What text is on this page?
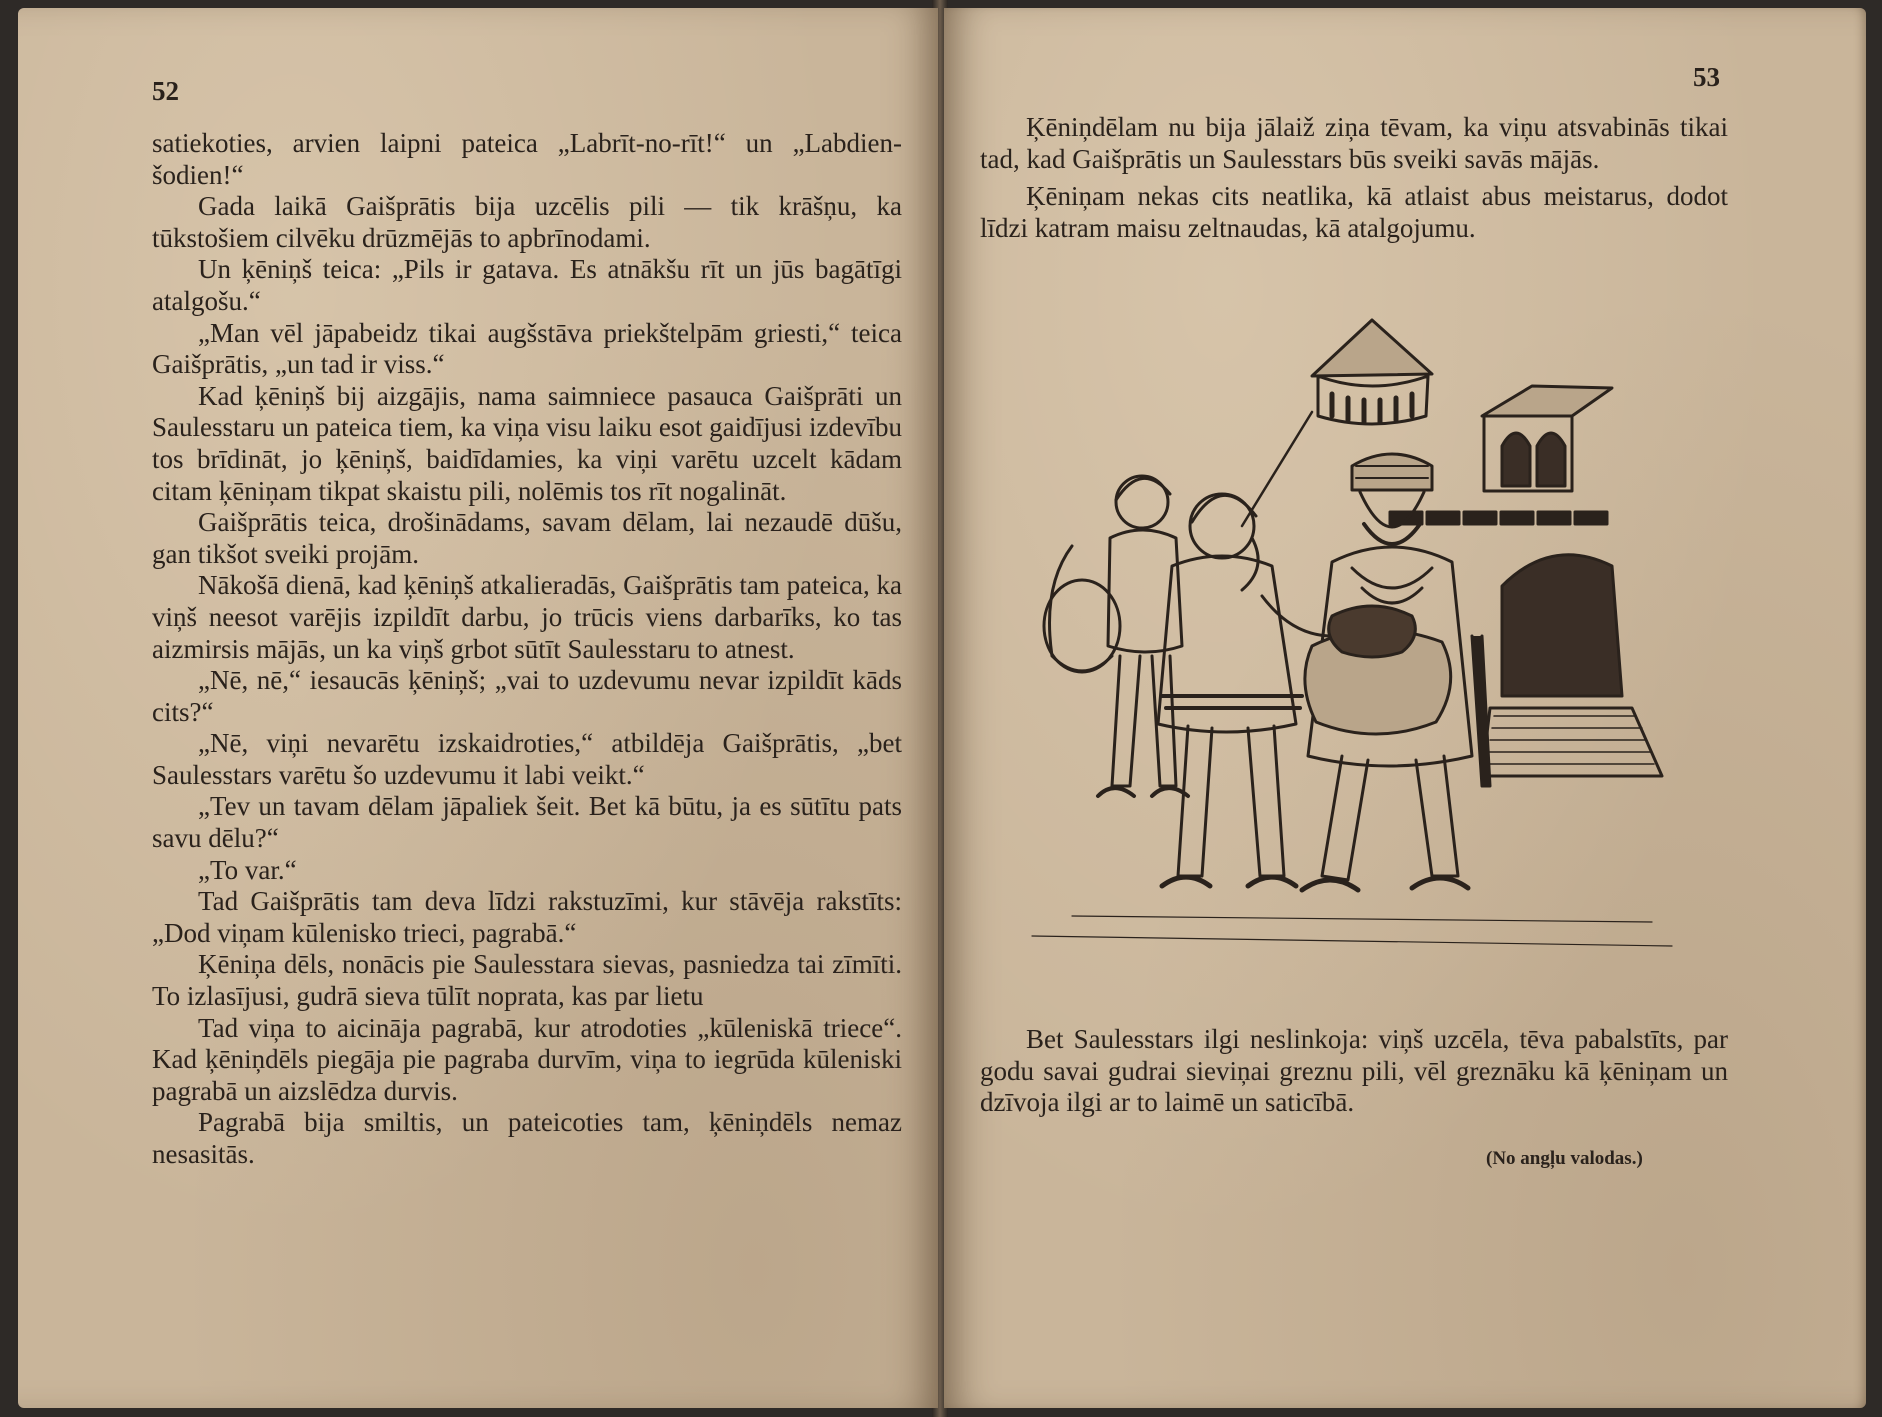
52

satiekoties, arvien laipni pateica „Labrīt-no-rīt!“ un „Labdien-šodien!“

Gada laikā Gaišprātis bija uzcēlis pili — tik krāšņu, ka tūkstošiem cilvēku drūzmējās to apbrīnodami.

Un ķēniņš teica: „Pils ir gatava. Es atnākšu rīt un jūs bagātīgi atalgošu.“

„Man vēl jāpabeidz tikai augšstāva priekštelpām griesti,“ teica Gaišprātis, „un tad ir viss.“

Kad ķēniņš bij aizgājis, nama saimniece pasauca Gaišprāti un Saulesstaru un pateica tiem, ka viņa visu laiku esot gaidījusi izdevību tos brīdināt, jo ķēniņš, baidīdamies, ka viņi varētu uzcelt kādam citam ķēniņam tikpat skaistu pili, nolēmis tos rīt nogalināt.

Gaišprātis teica, drošinādams, savam dēlam, lai nezaudē dūšu, gan tikšot sveiki projām.

Nākošā dienā, kad ķēniņš atkalieradās, Gaišprātis tam pateica, ka viņš neesot varējis izpildīt darbu, jo trūcis viens darbarīks, ko tas aizmirsis mājās, un ka viņš grbot sūtīt Saulesstaru to atnest.

„Nē, nē,“ iesaucās ķēniņš; „vai to uzdevumu nevar izpildīt kāds cits?“

„Nē, viņi nevarētu izskaidroties,“ atbildēja Gaišprātis, „bet Saulesstars varētu šo uzdevumu it labi veikt.“

„Tev un tavam dēlam jāpaliek šeit. Bet kā būtu, ja es sūtītu pats savu dēlu?“

„To var.“

Tad Gaišprātis tam deva līdzi rakstuzīmi, kur stāvēja rakstīts: „Dod viņam kūlenisko trieci, pagrabā.“

Ķēniņa dēls, nonācis pie Saulesstara sievas, pasniedza tai zīmīti. To izlasījusi, gudrā sieva tūlīt noprata, kas par lietu

Tad viņa to aicināja pagrabā, kur atrodoties „kūleniskā triece“. Kad ķēniņdēls piegāja pie pagraba durvīm, viņa to iegrūda kūleniski pagrabā un aizslēdza durvis.

Pagrabā bija smiltis, un pateicoties tam, ķēniņdēls nemaz nesasitās.

53

Ķēniņdēlam nu bija jālaiž ziņa tēvam, ka viņu atsvabinās tikai tad, kad Gaišprātis un Saulesstars būs sveiki savās mājās.

Ķēniņam nekas cits neatlika, kā atlaist abus meistarus, dodot līdzi katram maisu zeltnaudas, kā atalgojumu.

Bet Saulesstars ilgi neslinkoja: viņš uzcēla, tēva pabalstīts, par godu savai gudrai sieviņai greznu pili, vēl greznāku kā ķēniņam un dzīvoja ilgi ar to laimē un saticībā.

(No angļu valodas.)
